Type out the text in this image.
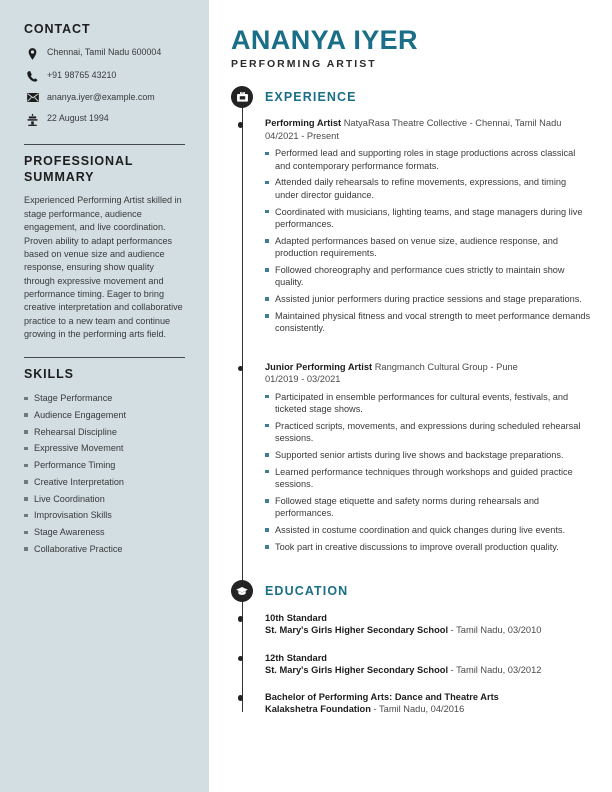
CONTACT
Chennai, Tamil Nadu 600004
+91 98765 43210
ananya.iyer@example.com
22 August 1994
PROFESSIONAL SUMMARY

Experienced Performing Artist skilled in stage performance, audience engagement, and live coordination. Proven ability to adapt performances based on venue size and audience response, ensuring show quality through expressive movement and performance timing. Eager to bring creative interpretation and collaborative practice to a new team and continue growing in the performing arts field.

SKILLS
Stage Performance
Audience Engagement
Rehearsal Discipline
Expressive Movement
Performance Timing
Creative Interpretation
Live Coordination
Improvisation Skills
Stage Awareness
Collaborative Practice
ANANYA IYER
PERFORMING ARTIST
EXPERIENCE
Performing Artist NatyaRasa Theatre Collective - Chennai, Tamil Nadu
04/2021 - Present
Performed lead and supporting roles in stage productions across classical and contemporary performance formats.
Attended daily rehearsals to refine movements, expressions, and timing under director guidance.
Coordinated with musicians, lighting teams, and stage managers during live performances.
Adapted performances based on venue size, audience response, and production requirements.
Followed choreography and performance cues strictly to maintain show quality.
Assisted junior performers during practice sessions and stage preparations.
Maintained physical fitness and vocal strength to meet performance demands consistently.
Junior Performing Artist Rangmanch Cultural Group - Pune
01/2019 - 03/2021
Participated in ensemble performances for cultural events, festivals, and ticketed stage shows.
Practiced scripts, movements, and expressions during scheduled rehearsal sessions.
Supported senior artists during live shows and backstage preparations.
Learned performance techniques through workshops and guided practice sessions.
Followed stage etiquette and safety norms during rehearsals and performances.
Assisted in costume coordination and quick changes during live events.
Took part in creative discussions to improve overall production quality.
EDUCATION
10th Standard
St. Mary's Girls Higher Secondary School - Tamil Nadu, 03/2010
12th Standard
St. Mary's Girls Higher Secondary School - Tamil Nadu, 03/2012
Bachelor of Performing Arts: Dance and Theatre Arts
Kalakshetra Foundation - Tamil Nadu, 04/2016
